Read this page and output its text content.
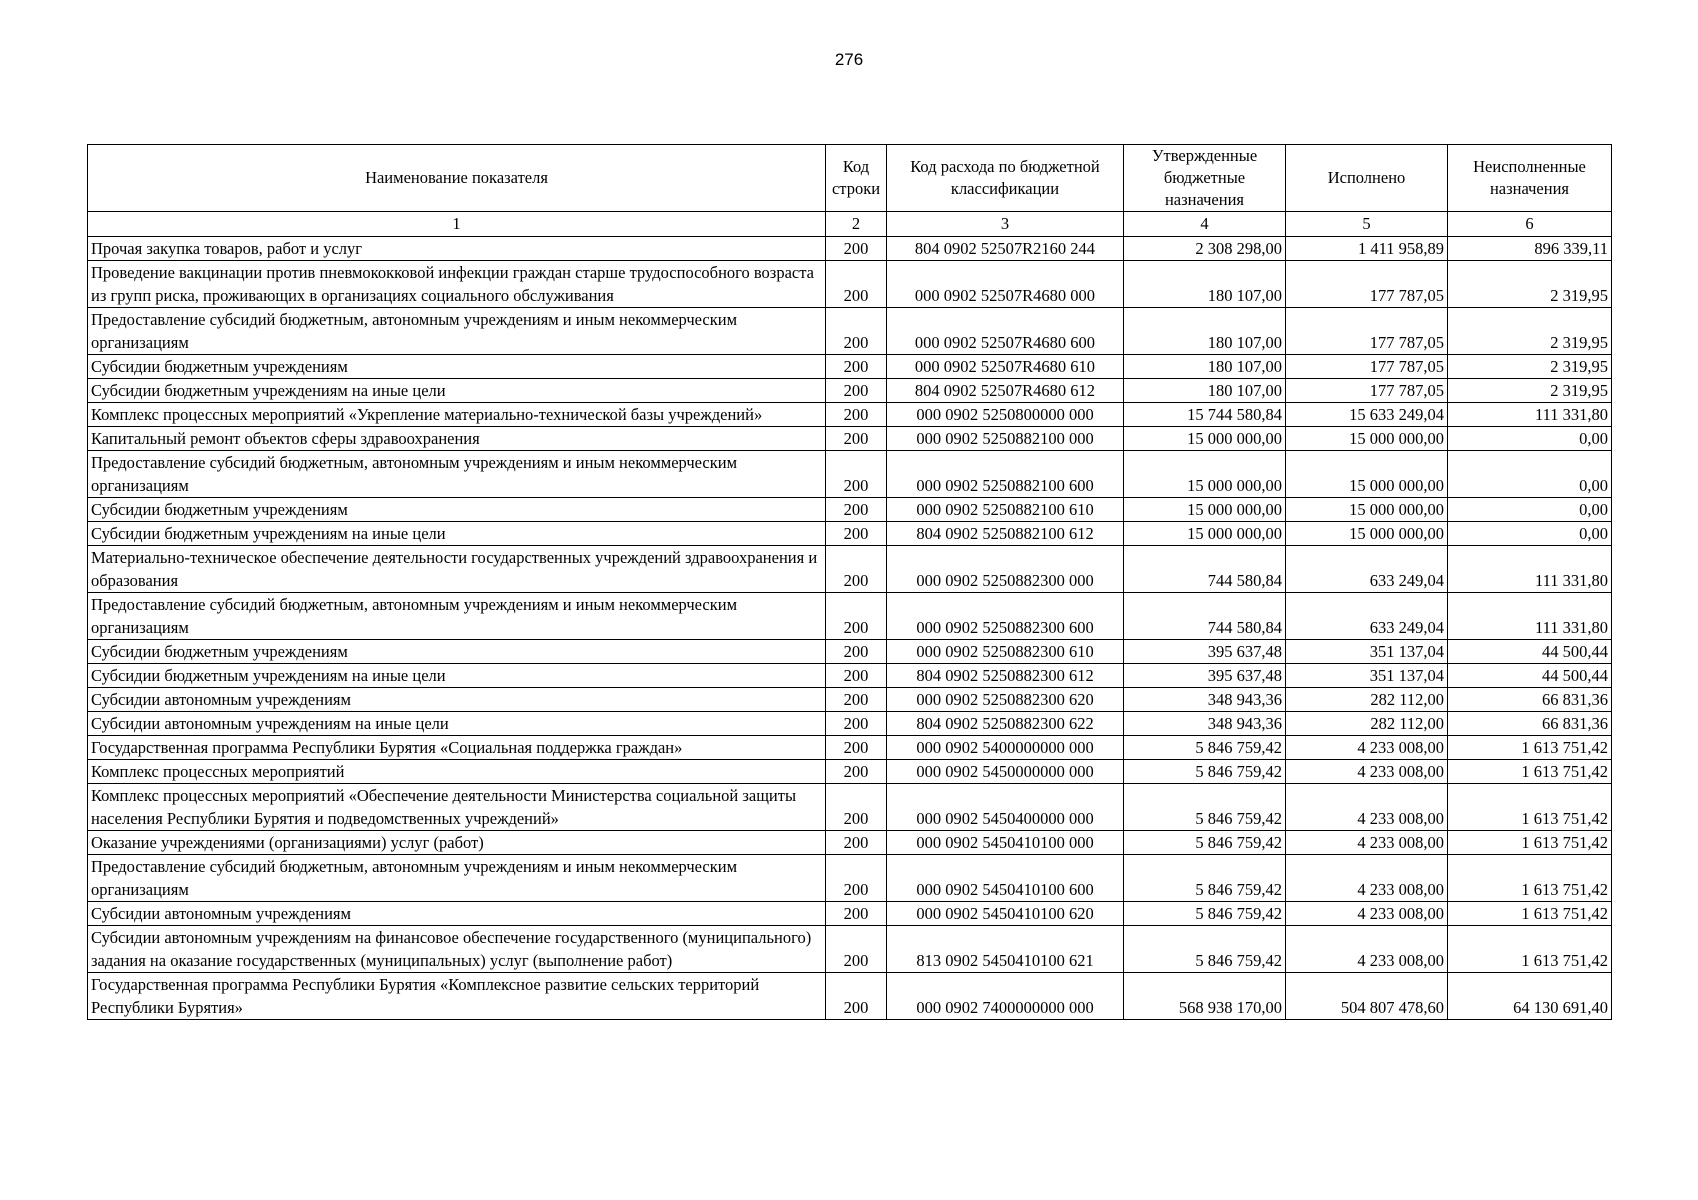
276
Наименование показателя	Код строки	Код расхода по бюджетной классификации	Утвержденные бюджетные назначения	Исполнено	Неисполненные назначения
1	2	3	4	5	6
Прочая закупка товаров, работ и услуг	200	804 0902 52507R2160 244	2 308 298,00	1 411 958,89	896 339,11
Проведение вакцинации против пневмококковой инфекции граждан старше трудоспособного возраста из групп риска, проживающих в организациях социального обслуживания	200	000 0902 52507R4680 000	180 107,00	177 787,05	2 319,95
Предоставление субсидий бюджетным, автономным учреждениям и иным некоммерческим организациям	200	000 0902 52507R4680 600	180 107,00	177 787,05	2 319,95
Субсидии бюджетным учреждениям	200	000 0902 52507R4680 610	180 107,00	177 787,05	2 319,95
Субсидии бюджетным учреждениям на иные цели	200	804 0902 52507R4680 612	180 107,00	177 787,05	2 319,95
Комплекс процессных мероприятий «Укрепление материально-технической базы учреждений»	200	000 0902 5250800000 000	15 744 580,84	15 633 249,04	111 331,80
Капитальный ремонт объектов сферы здравоохранения	200	000 0902 5250882100 000	15 000 000,00	15 000 000,00	0,00
Предоставление субсидий бюджетным, автономным учреждениям и иным некоммерческим организациям	200	000 0902 5250882100 600	15 000 000,00	15 000 000,00	0,00
Субсидии бюджетным учреждениям	200	000 0902 5250882100 610	15 000 000,00	15 000 000,00	0,00
Субсидии бюджетным учреждениям на иные цели	200	804 0902 5250882100 612	15 000 000,00	15 000 000,00	0,00
Материально-техническое обеспечение деятельности государственных учреждений здравоохранения и образования	200	000 0902 5250882300 000	744 580,84	633 249,04	111 331,80
Предоставление субсидий бюджетным, автономным учреждениям и иным некоммерческим организациям	200	000 0902 5250882300 600	744 580,84	633 249,04	111 331,80
Субсидии бюджетным учреждениям	200	000 0902 5250882300 610	395 637,48	351 137,04	44 500,44
Субсидии бюджетным учреждениям на иные цели	200	804 0902 5250882300 612	395 637,48	351 137,04	44 500,44
Субсидии автономным учреждениям	200	000 0902 5250882300 620	348 943,36	282 112,00	66 831,36
Субсидии автономным учреждениям на иные цели	200	804 0902 5250882300 622	348 943,36	282 112,00	66 831,36
Государственная программа Республики Бурятия «Социальная поддержка граждан»	200	000 0902 5400000000 000	5 846 759,42	4 233 008,00	1 613 751,42
Комплекс процессных мероприятий	200	000 0902 5450000000 000	5 846 759,42	4 233 008,00	1 613 751,42
Комплекс процессных мероприятий «Обеспечение деятельности Министерства социальной защиты населения Республики Бурятия и подведомственных учреждений»	200	000 0902 5450400000 000	5 846 759,42	4 233 008,00	1 613 751,42
Оказание учреждениями (организациями) услуг (работ)	200	000 0902 5450410100 000	5 846 759,42	4 233 008,00	1 613 751,42
Предоставление субсидий бюджетным, автономным учреждениям и иным некоммерческим организациям	200	000 0902 5450410100 600	5 846 759,42	4 233 008,00	1 613 751,42
Субсидии автономным учреждениям	200	000 0902 5450410100 620	5 846 759,42	4 233 008,00	1 613 751,42
Субсидии автономным учреждениям на финансовое обеспечение государственного (муниципального) задания на оказание государственных (муниципальных) услуг (выполнение работ)	200	813 0902 5450410100 621	5 846 759,42	4 233 008,00	1 613 751,42
Государственная программа Республики Бурятия «Комплексное развитие сельских территорий Республики Бурятия»	200	000 0902 7400000000 000	568 938 170,00	504 807 478,60	64 130 691,40
